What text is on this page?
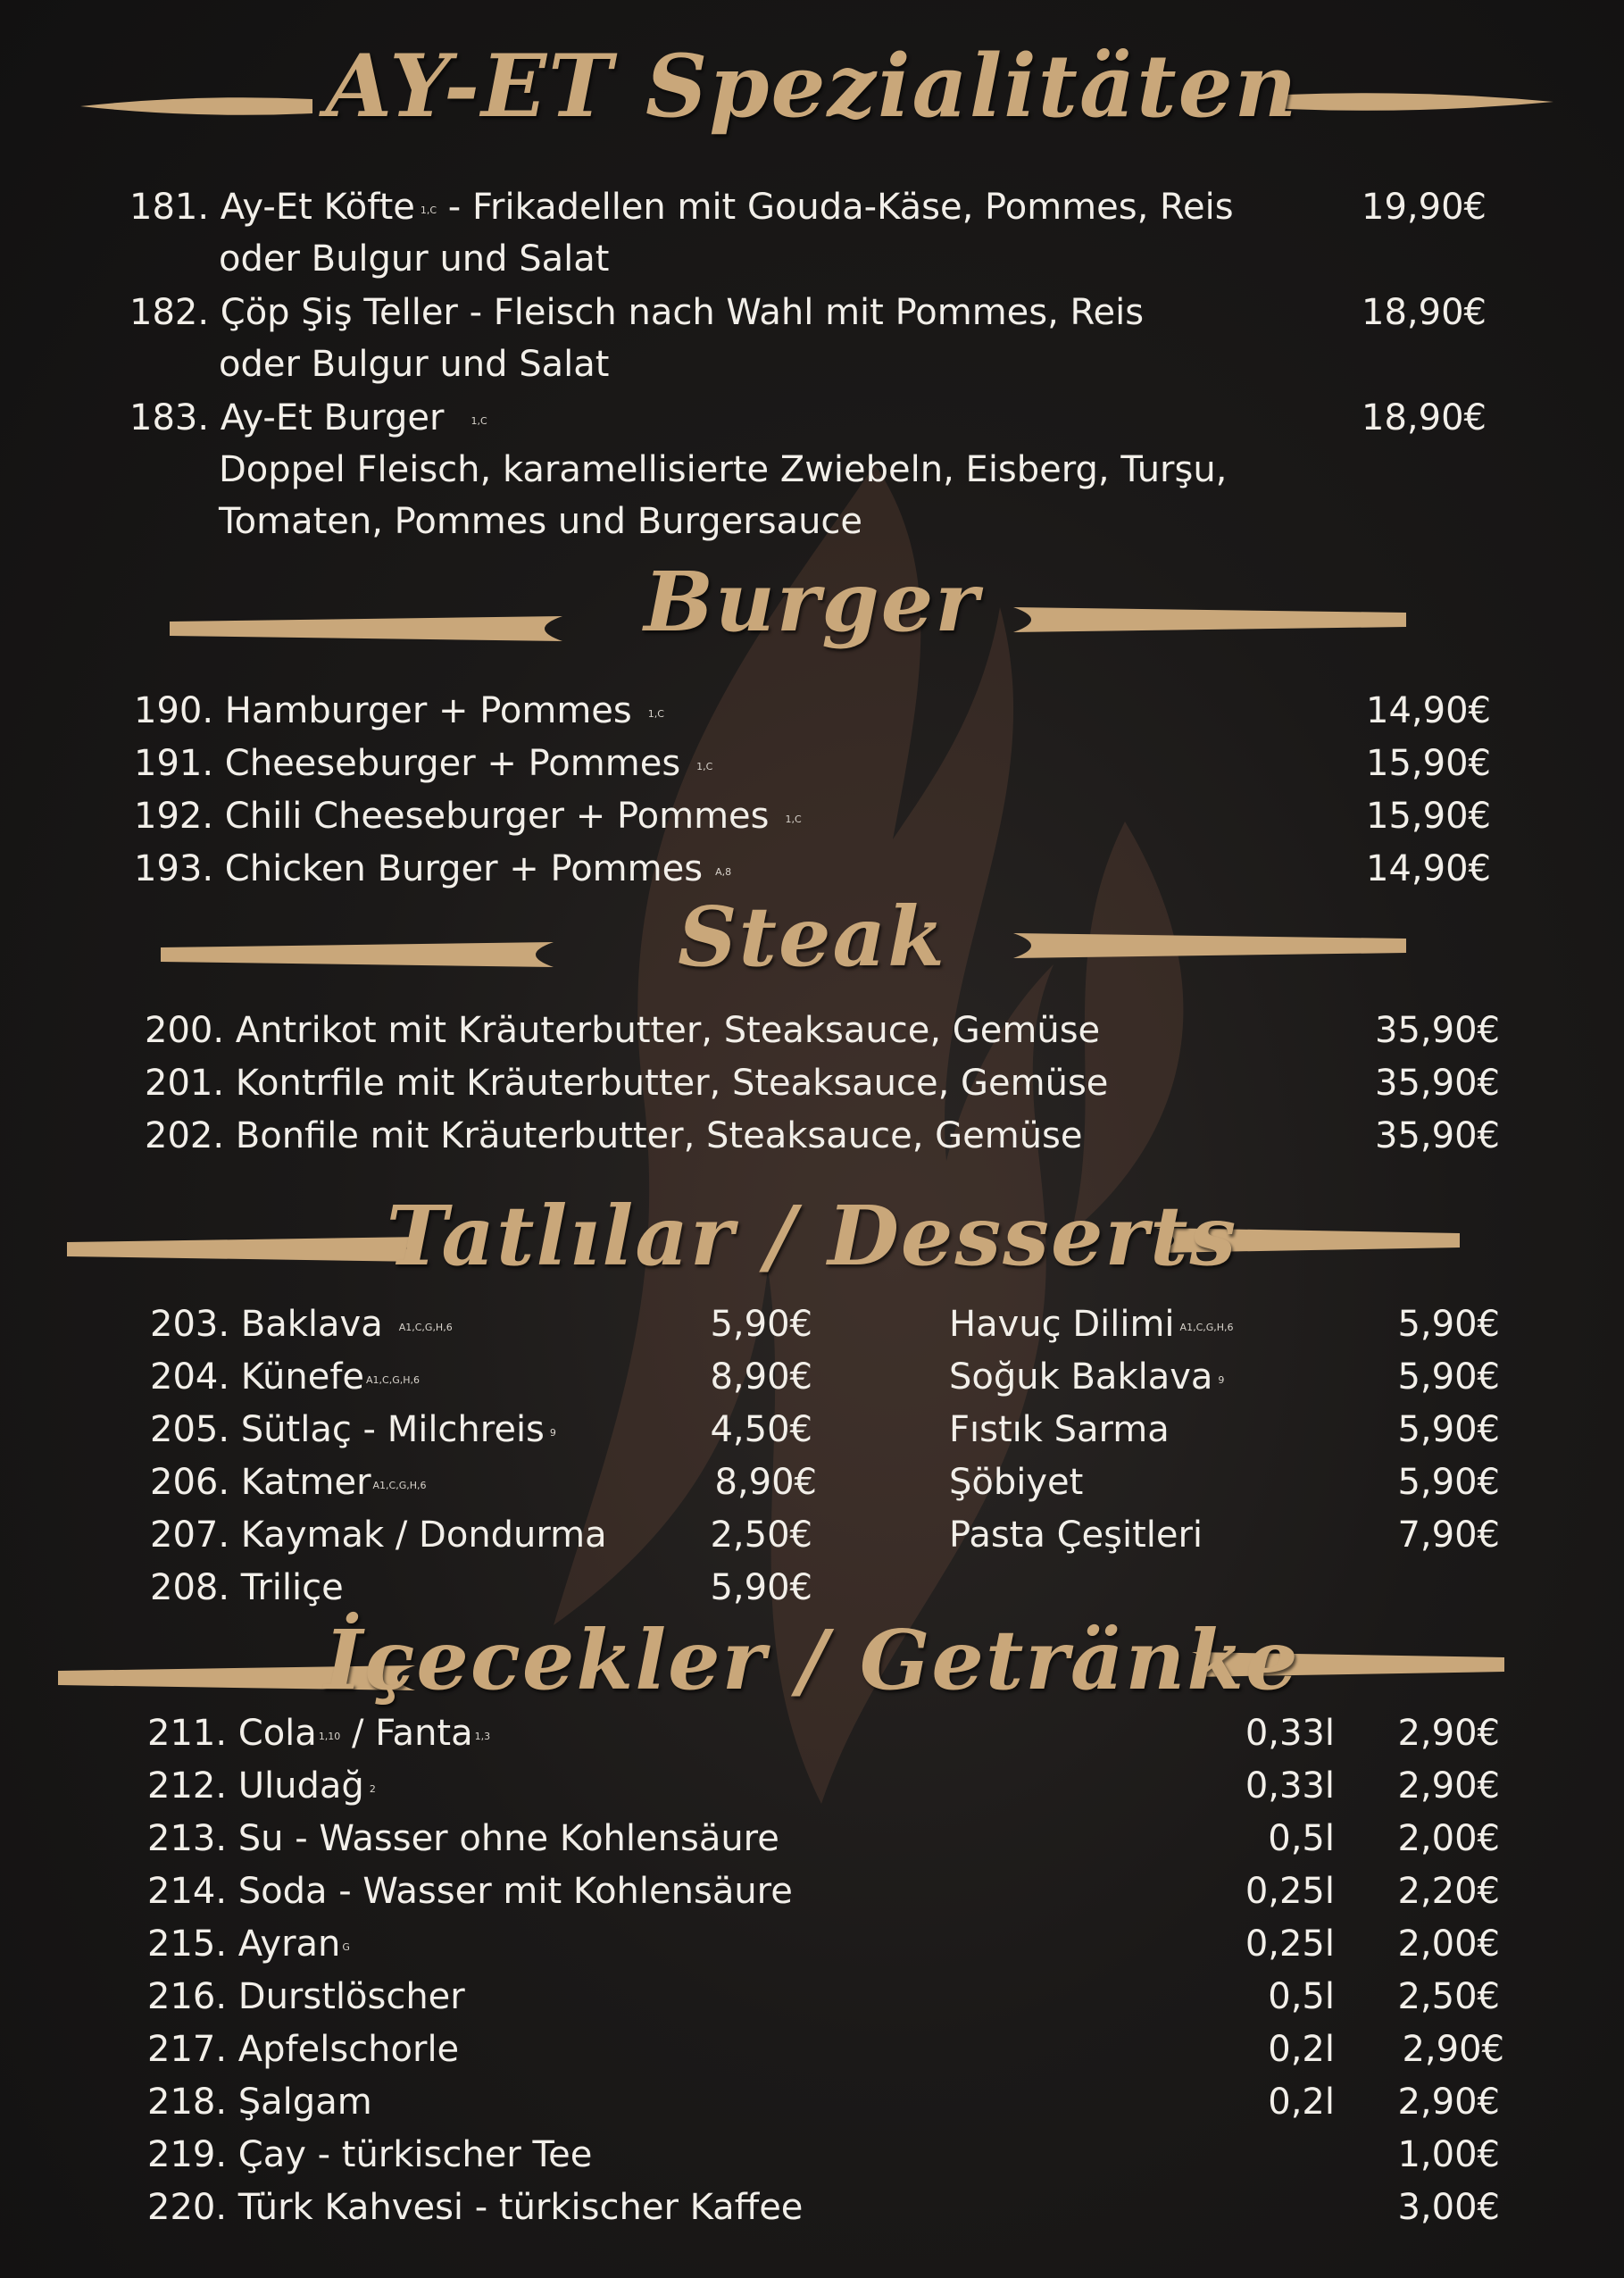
AY-ET Spezialitäten
181. Ay-Et Köfte $^{1,C}$ - Frikadellen mit Gouda-Käse, Pommes, Reis
oder Bulgur und Salat
19,90€
182. Çöp Şiş Teller - Fleisch nach Wahl mit Pommes, Reis
oder Bulgur und Salat
18,90€
183. Ay-Et Burger	$^{1,C}$
Doppel Fleisch, karamellisierte Zwiebeln, Eisberg, Turşu,
Tomaten, Pommes und Burgersauce
18,90€
Burger
190. Hamburger + Pommes $^{1,C}$	14,90€
191. Cheeseburger + Pommes $^{1,C}$	15,90€
192. Chili Cheeseburger + Pommes $^{1,C}$	15,90€
193. Chicken Burger + Pommes $^{A,8}$	14,90€
Steak
200. Antrikot mit Kräuterbutter, Steaksauce, Gemüse	35,90€
201. Kontrfile mit Kräuterbutter, Steaksauce, Gemüse	35,90€
202. Bonfile mit Kräuterbutter, Steaksauce, Gemüse	35,90€
Tatlılar / Desserts
203. Baklava $^{A1,C,G,H,6}$	5,90€
204. Künefe $^{A1,C,G,H,6}$	8,90€
205. Sütlaç - Milchreis $^9$	4,50€
206. Katmer $^{A1,C,G,H,6}$	8,90€
207. Kaymak / Dondurma	2,50€
208. Triliçe	5,90€
Havuç Dilimi $^{A1,C,G,H,6}$	5,90€
Soğuk Baklava $^9$	5,90€
Fıstık Sarma	5,90€
Şöbiyet	5,90€
Pasta Çeşitleri	7,90€
İçecekler / Getränke
211. Cola $^{1,10}$ / Fanta $^{1,3}$	0,33l	2,90€
212. Uludağ $^2$	0,33l	2,90€
213. Su - Wasser ohne Kohlensäure	0,5l	2,00€
214. Soda - Wasser mit Kohlensäure	0,25l	2,20€
215. Ayran $^G$	0,25l	2,00€
216. Durstlöscher	0,5l	2,50€
217. Apfelschorle	0,2l	2,90€
218. Şalgam	0,2l	2,90€
219. Çay - türkischer Tee	1,00€
220. Türk Kahvesi - türkischer Kaffee	3,00€
